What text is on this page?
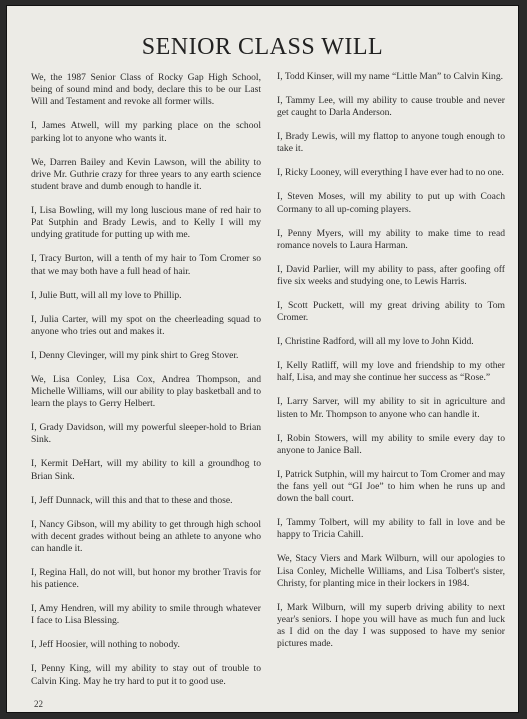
SENIOR CLASS WILL

We, the 1987 Senior Class of Rocky Gap High School, being of sound mind and body, declare this to be our Last Will and Testament and revoke all former wills.

I, James Atwell, will my parking place on the school parking lot to anyone who wants it.

We, Darren Bailey and Kevin Lawson, will the ability to drive Mr. Guthrie crazy for three years to any earth science student brave and dumb enough to handle it.

I, Lisa Bowling, will my long luscious mane of red hair to Pat Sutphin and Brady Lewis, and to Kelly I will my undying gratitude for putting up with me.

I, Tracy Burton, will a tenth of my hair to Tom Cromer so that we may both have a full head of hair.

I, Julie Butt, will all my love to Phillip.

I, Julia Carter, will my spot on the cheerleading squad to anyone who tries out and makes it.

I, Denny Clevinger, will my pink shirt to Greg Stover.

We, Lisa Conley, Lisa Cox, Andrea Thompson, and Michelle Williams, will our ability to play basketball and to learn the plays to Gerry Helbert.

I, Grady Davidson, will my powerful sleeper-hold to Brian Sink.

I, Kermit DeHart, will my ability to kill a groundhog to Brian Sink.

I, Jeff Dunnack, will this and that to these and those.

I, Nancy Gibson, will my ability to get through high school with decent grades without being an athlete to anyone who can handle it.

I, Regina Hall, do not will, but honor my brother Travis for his patience.

I, Amy Hendren, will my ability to smile through whatever I face to Lisa Blessing.

I, Jeff Hoosier, will nothing to nobody.

I, Penny King, will my ability to stay out of trouble to Calvin King. May he try hard to put it to good use.

I, Todd Kinser, will my name “Little Man” to Calvin King.

I, Tammy Lee, will my ability to cause trouble and never get caught to Darla Anderson.

I, Brady Lewis, will my flattop to anyone tough enough to take it.

I, Ricky Looney, will everything I have ever had to no one.

I, Steven Moses, will my ability to put up with Coach Cormany to all up-coming players.

I, Penny Myers, will my ability to make time to read romance novels to Laura Harman.

I, David Parlier, will my ability to pass, after goofing off five six weeks and studying one, to Lewis Harris.

I, Scott Puckett, will my great driving ability to Tom Cromer.

I, Christine Radford, will all my love to John Kidd.

I, Kelly Ratliff, will my love and friendship to my other half, Lisa, and may she continue her success as “Rose.”

I, Larry Sarver, will my ability to sit in agriculture and listen to Mr. Thompson to anyone who can handle it.

I, Robin Stowers, will my ability to smile every day to anyone to Janice Ball.

I, Patrick Sutphin, will my haircut to Tom Cromer and may the fans yell out “GI Joe” to him when he runs up and down the ball court.

I, Tammy Tolbert, will my ability to fall in love and be happy to Tricia Cahill.

We, Stacy Viers and Mark Wilburn, will our apologies to Lisa Conley, Michelle Williams, and Lisa Tolbert's sister, Christy, for planting mice in their lockers in 1984.

I, Mark Wilburn, will my superb driving ability to next year's seniors. I hope you will have as much fun and luck as I did on the day I was supposed to have my senior pictures made.

22
